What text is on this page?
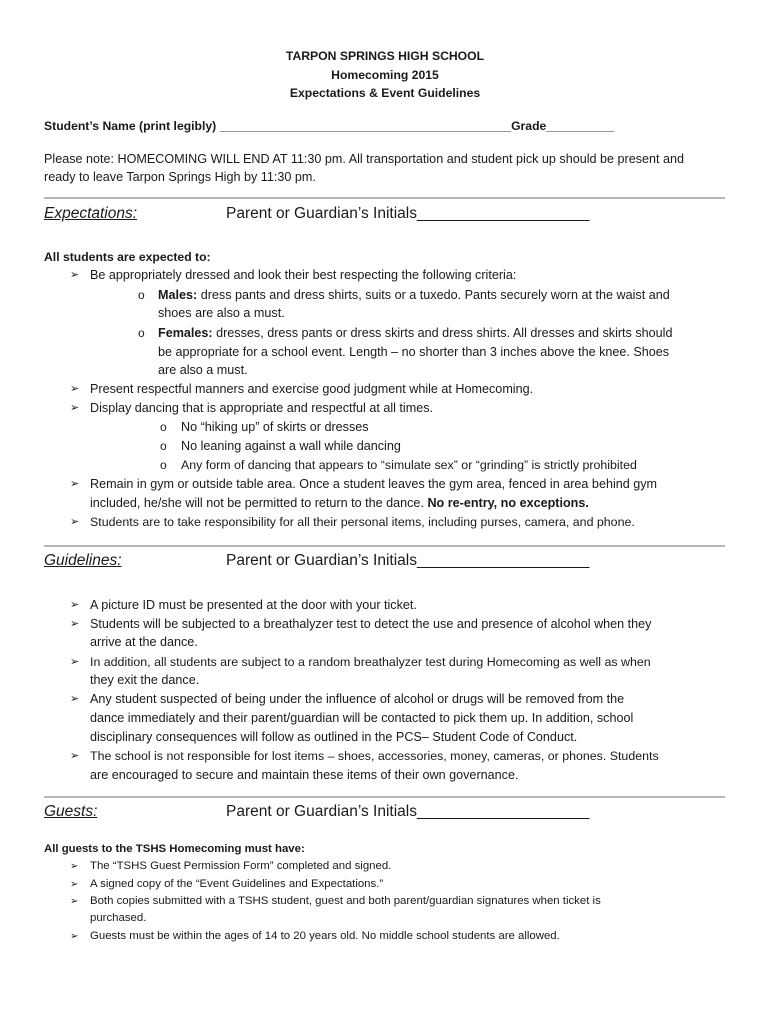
TARPON SPRINGS HIGH SCHOOL
Homecoming 2015
Expectations & Event Guidelines
Student’s Name (print legibly) ___________________________________________Grade__________
Please note: HOMECOMING WILL END AT 11:30 pm. All transportation and student pick up should be present and
ready to leave Tarpon Springs High by 11:30 pm.
Expectations:	Parent or Guardian’s Initials____________________
All students are expected to:
➢ Be appropriately dressed and look their best respecting the following criteria:
o Males: dress pants and dress shirts, suits or a tuxedo. Pants securely worn at the waist and
shoes are also a must.
o Females: dresses, dress pants or dress skirts and dress shirts. All dresses and skirts should
be appropriate for a school event. Length – no shorter than 3 inches above the knee. Shoes
are also a must.
➢ Present respectful manners and exercise good judgment while at Homecoming.
➢ Display dancing that is appropriate and respectful at all times.
o No “hiking up” of skirts or dresses
o No leaning against a wall while dancing
o Any form of dancing that appears to “simulate sex” or “grinding” is strictly prohibited
➢ Remain in gym or outside table area. Once a student leaves the gym area, fenced in area behind gym
included, he/she will not be permitted to return to the dance. No re-entry, no exceptions.
➢ Students are to take responsibility for all their personal items, including purses, camera, and phone.
Guidelines:	Parent or Guardian’s Initials____________________
➢ A picture ID must be presented at the door with your ticket.
➢ Students will be subjected to a breathalyzer test to detect the use and presence of alcohol when they
arrive at the dance.
➢ In addition, all students are subject to a random breathalyzer test during Homecoming as well as when
they exit the dance.
➢ Any student suspected of being under the influence of alcohol or drugs will be removed from the
dance immediately and their parent/guardian will be contacted to pick them up. In addition, school
disciplinary consequences will follow as outlined in the PCS– Student Code of Conduct.
➢ The school is not responsible for lost items – shoes, accessories, money, cameras, or phones. Students
are encouraged to secure and maintain these items of their own governance.
Guests:	Parent or Guardian’s Initials____________________
All guests to the TSHS Homecoming must have:
➢ The “TSHS Guest Permission Form” completed and signed.
➢ A signed copy of the “Event Guidelines and Expectations.”
➢ Both copies submitted with a TSHS student, guest and both parent/guardian signatures when ticket is
purchased.
➢ Guests must be within the ages of 14 to 20 years old. No middle school students are allowed.
